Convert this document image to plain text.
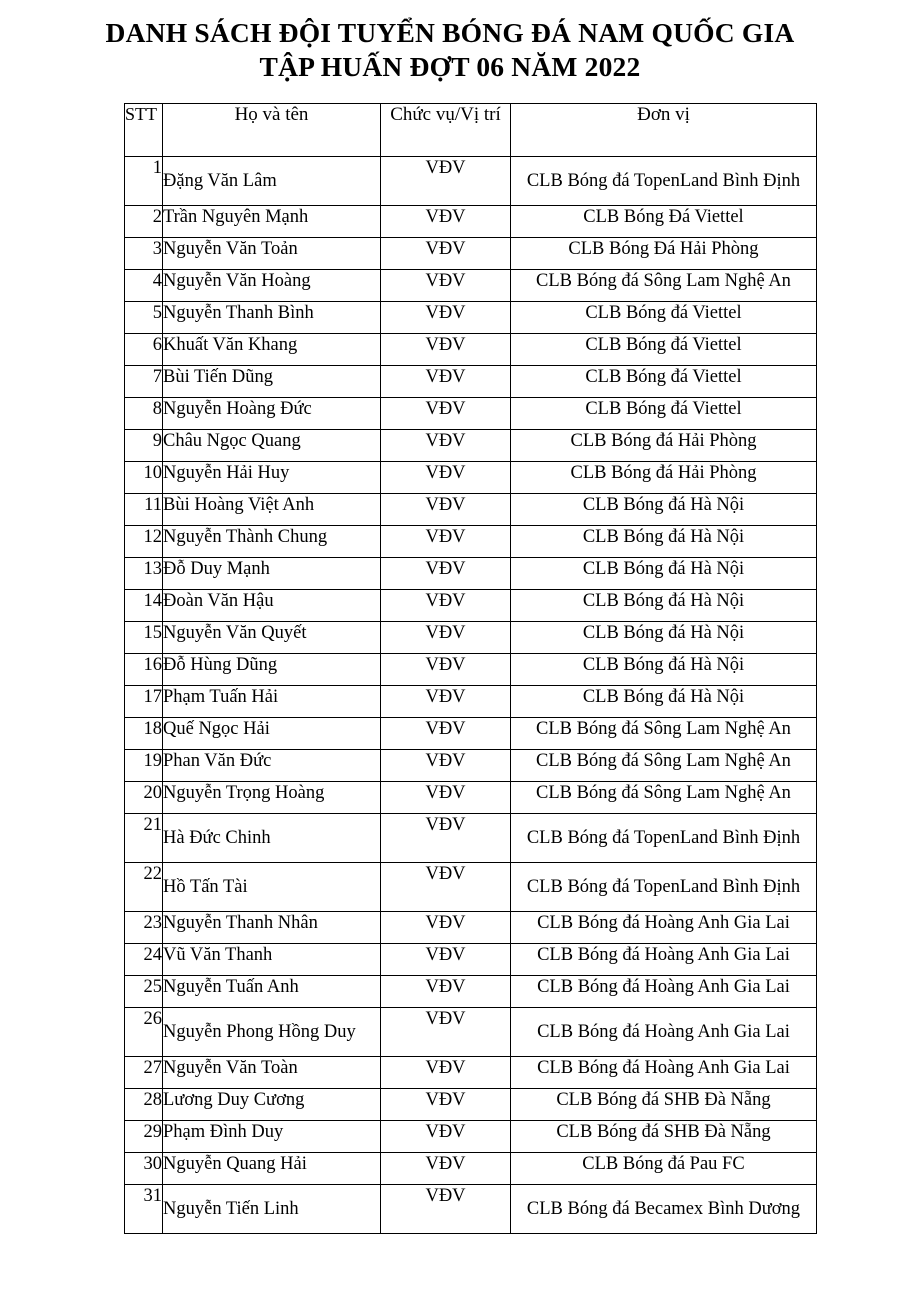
DANH SÁCH ĐỘI TUYỂN BÓNG ĐÁ NAM QUỐC GIA
TẬP HUẤN ĐỢT 06 NĂM 2022
STT	Họ và tên	Chức vụ/Vị trí	Đơn vị
1	Đặng Văn Lâm	VĐV	CLB Bóng đá TopenLand Bình Định
2	Trần Nguyên Mạnh	VĐV	CLB Bóng Đá Viettel
3	Nguyễn Văn Toản	VĐV	CLB Bóng Đá Hải Phòng
4	Nguyễn Văn Hoàng	VĐV	CLB Bóng đá Sông Lam Nghệ An
5	Nguyễn Thanh Bình	VĐV	CLB Bóng đá Viettel
6	Khuất Văn Khang	VĐV	CLB Bóng đá Viettel
7	Bùi Tiến Dũng	VĐV	CLB Bóng đá Viettel
8	Nguyễn Hoàng Đức	VĐV	CLB Bóng đá Viettel
9	Châu Ngọc Quang	VĐV	CLB Bóng đá Hải Phòng
10	Nguyễn Hải Huy	VĐV	CLB Bóng đá Hải Phòng
11	Bùi Hoàng Việt Anh	VĐV	CLB Bóng đá Hà Nội
12	Nguyễn Thành Chung	VĐV	CLB Bóng đá Hà Nội
13	Đỗ Duy Mạnh	VĐV	CLB Bóng đá Hà Nội
14	Đoàn Văn Hậu	VĐV	CLB Bóng đá Hà Nội
15	Nguyễn Văn Quyết	VĐV	CLB Bóng đá Hà Nội
16	Đỗ Hùng Dũng	VĐV	CLB Bóng đá Hà Nội
17	Phạm Tuấn Hải	VĐV	CLB Bóng đá Hà Nội
18	Quế Ngọc Hải	VĐV	CLB Bóng đá Sông Lam Nghệ An
19	Phan Văn Đức	VĐV	CLB Bóng đá Sông Lam Nghệ An
20	Nguyễn Trọng Hoàng	VĐV	CLB Bóng đá Sông Lam Nghệ An
21	Hà Đức Chinh	VĐV	CLB Bóng đá TopenLand Bình Định
22	Hồ Tấn Tài	VĐV	CLB Bóng đá TopenLand Bình Định
23	Nguyễn Thanh Nhân	VĐV	CLB Bóng đá Hoàng Anh Gia Lai
24	Vũ Văn Thanh	VĐV	CLB Bóng đá Hoàng Anh Gia Lai
25	Nguyễn Tuấn Anh	VĐV	CLB Bóng đá Hoàng Anh Gia Lai
26	Nguyễn Phong Hồng Duy	VĐV	CLB Bóng đá Hoàng Anh Gia Lai
27	Nguyễn Văn Toàn	VĐV	CLB Bóng đá Hoàng Anh Gia Lai
28	Lương Duy Cương	VĐV	CLB Bóng đá SHB Đà Nẵng
29	Phạm Đình Duy	VĐV	CLB Bóng đá SHB Đà Nẵng
30	Nguyễn Quang Hải	VĐV	CLB Bóng đá Pau FC
31	Nguyễn Tiến Linh	VĐV	CLB Bóng đá Becamex Bình Dương
